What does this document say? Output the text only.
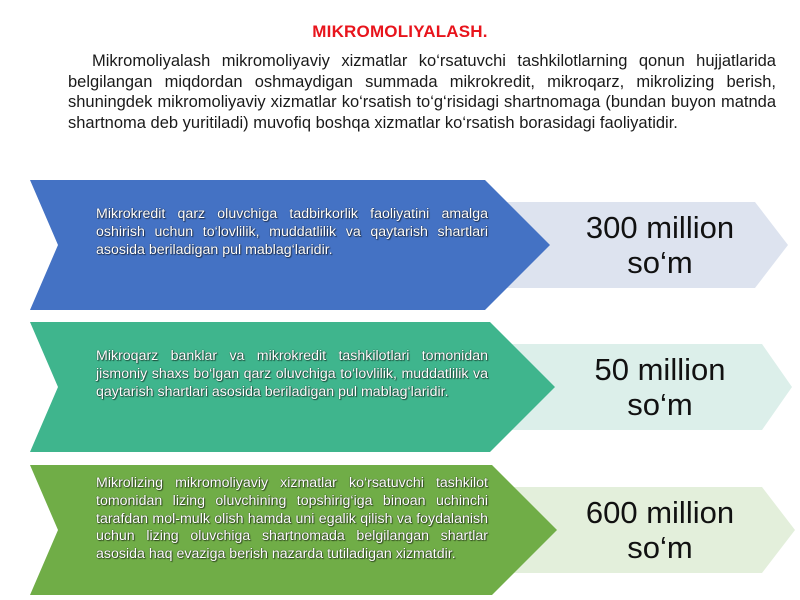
MIKROMOLIYALASH.

Mikromoliyalash mikromoliyaviy xizmatlar ko‘rsatuvchi tashkilotlarning qonun hujjatlarida belgilangan miqdordan oshmaydigan summada mikrokredit, mikroqarz, mikrolizing berish, shuningdek mikromoliyaviy xizmatlar ko‘rsatish to‘g‘risidagi shartnomaga (bundan buyon matnda shartnoma deb yuritiladi) muvofiq boshqa xizmatlar ko‘rsatish borasidagi faoliyatidir.

Mikrokredit qarz oluvchiga tadbirkorlik faoliyatini amalga oshirish uchun to‘lovlilik, muddatlilik va qaytarish shartlari asosida beriladigan pul mablag‘laridir.

300 million
so‘m

Mikroqarz banklar va mikrokredit tashkilotlari tomonidan jismoniy shaxs bo‘lgan qarz oluvchiga to‘lovlilik, muddatlilik va qaytarish shartlari asosida beriladigan pul mablag‘laridir.

50 million
so‘m

Mikrolizing mikromoliyaviy xizmatlar ko‘rsatuvchi tashkilot tomonidan lizing oluvchining topshirig‘iga binoan uchinchi tarafdan mol-mulk olish hamda uni egalik qilish va foydalanish uchun lizing oluvchiga shartnomada belgilangan shartlar asosida haq evaziga berish nazarda tutiladigan xizmatdir.

600 million
so‘m
